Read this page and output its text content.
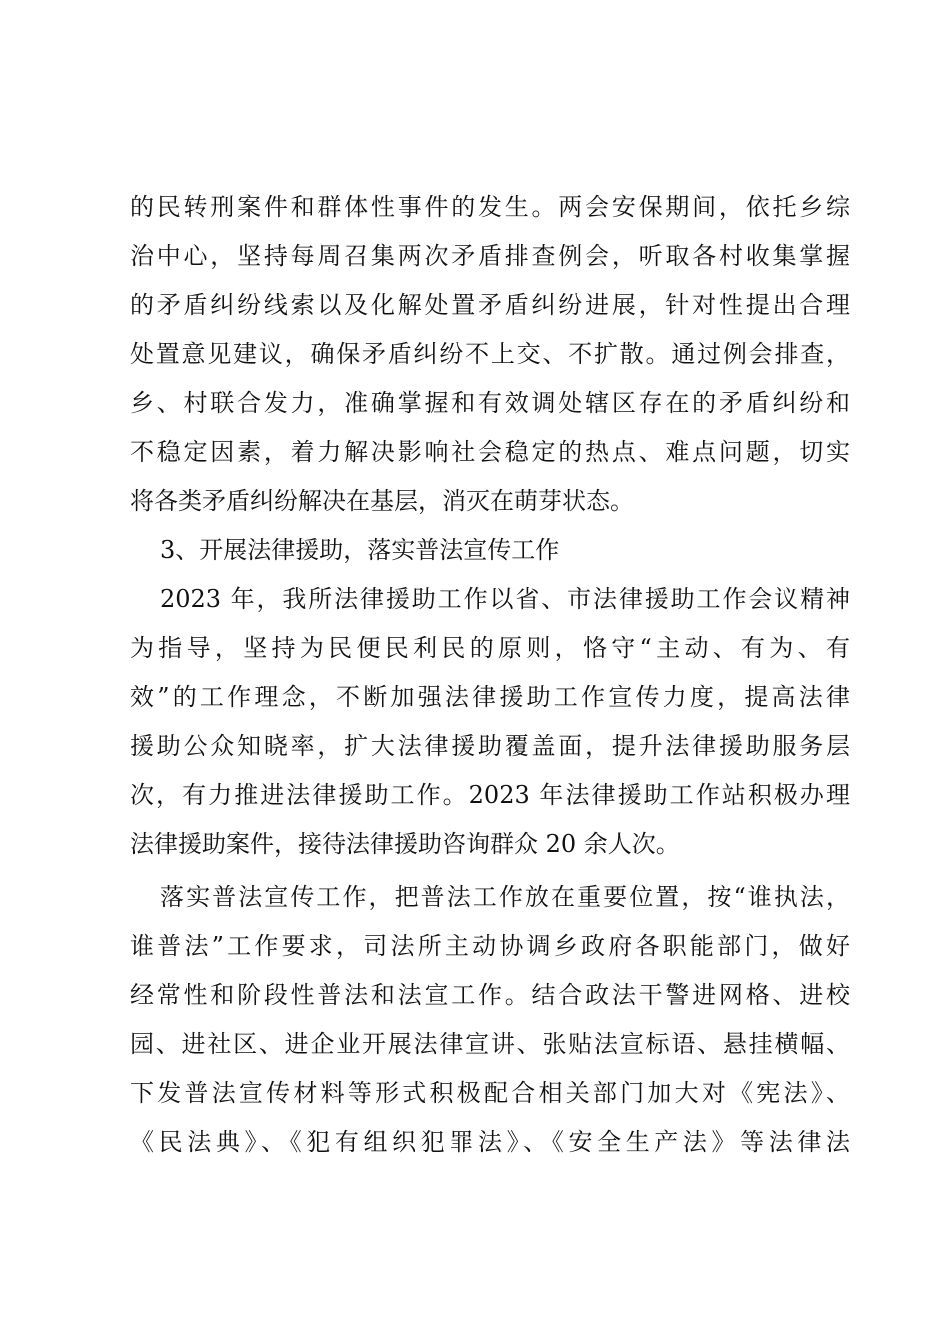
的民转刑案件和群体性事件的发生。两会安保期间，依托乡综
治中心，坚持每周召集两次矛盾排查例会，听取各村收集掌握
的矛盾纠纷线索以及化解处置矛盾纠纷进展，针对性提出合理
处置意见建议，确保矛盾纠纷不上交、不扩散。通过例会排查，
乡、村联合发力，准确掌握和有效调处辖区存在的矛盾纠纷和
不稳定因素，着力解决影响社会稳定的热点、难点问题，切实
将各类矛盾纠纷解决在基层，消灭在萌芽状态。
3、开展法律援助，落实普法宣传工作
2023 年，我所法律援助工作以省、市法律援助工作会议精神
为指导，坚持为民便民利民的原则，恪守“主动、有为、有
效”的工作理念，不断加强法律援助工作宣传力度，提高法律
援助公众知晓率，扩大法律援助覆盖面，提升法律援助服务层
次，有力推进法律援助工作。2023 年法律援助工作站积极办理
法律援助案件，接待法律援助咨询群众 20 余人次。
落实普法宣传工作，把普法工作放在重要位置，按“谁执法，
谁普法”工作要求，司法所主动协调乡政府各职能部门，做好
经常性和阶段性普法和法宣工作。结合政法干警进网格、进校
园、进社区、进企业开展法律宣讲、张贴法宣标语、悬挂横幅、
下发普法宣传材料等形式积极配合相关部门加大对《宪法》、
《民法典》、《犯有组织犯罪法》、《安全生产法》等法律法
